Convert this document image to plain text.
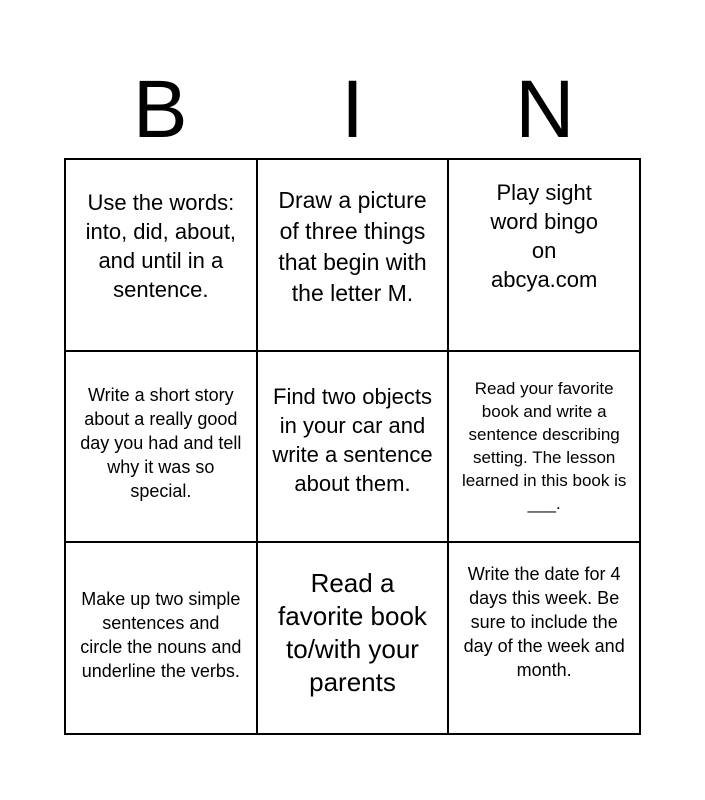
B	I	N
Use the words: into, did, about, and until in a sentence.
Draw a picture of three things that begin with the letter M.
Play sight word bingo on abcya.com
Write a short story about a really good day you had and tell why it was so special.
Find two objects in your car and write a sentence about them.
Read your favorite book and write a sentence describing setting. The lesson learned in this book is ___.
Make up two simple sentences and circle the nouns and underline the verbs.
Read a favorite book to/with your parents
Write the date for 4 days this week. Be sure to include the day of the week and month.
